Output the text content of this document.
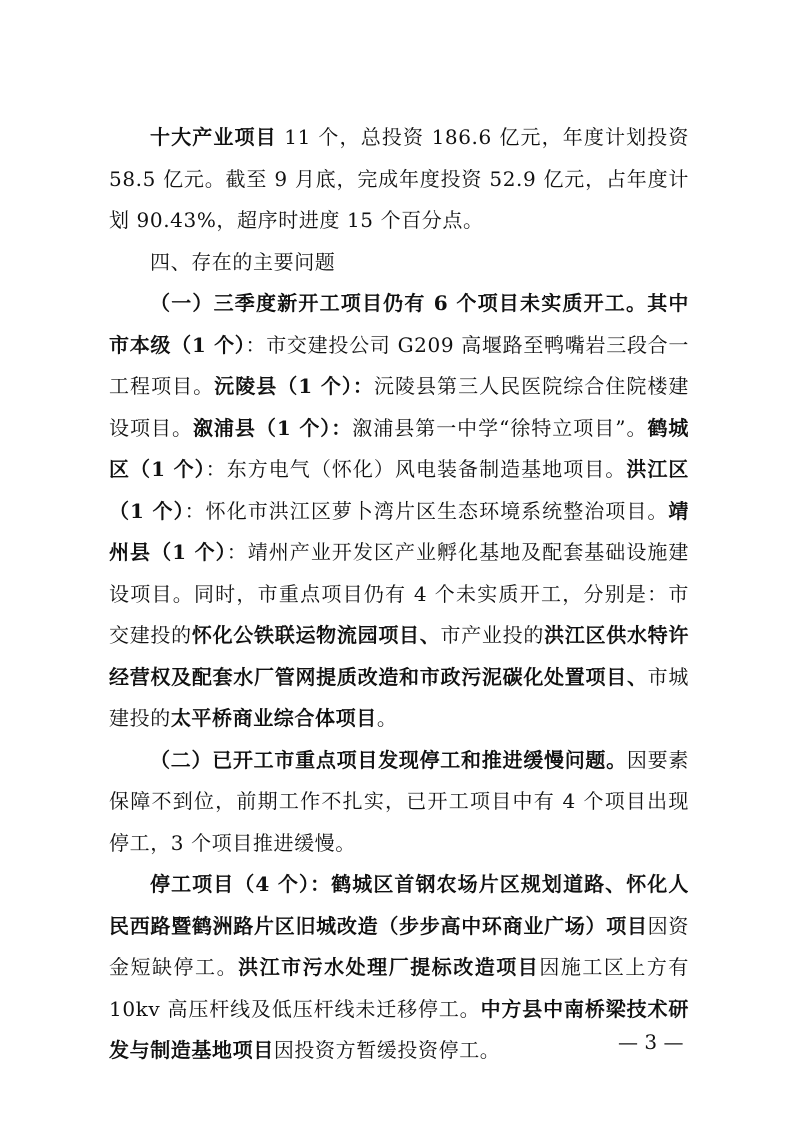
十大产业项目 11 个，总投资 186.6 亿元，年度计划投资 58.5 亿元。截至 9 月底，完成年度投资 52.9 亿元，占年度计划 90.43%，超序时进度 15 个百分点。

四、存在的主要问题

（一）三季度新开工项目仍有 6 个项目未实质开工。其中市本级（1 个）：市交建投公司 G209 高堰路至鸭嘴岩三段合一工程项目。沅陵县（1 个）：沅陵县第三人民医院综合住院楼建设项目。溆浦县（1 个）：溆浦县第一中学“徐特立项目”。鹤城区（1 个）：东方电气（怀化）风电装备制造基地项目。洪江区（1 个）：怀化市洪江区萝卜湾片区生态环境系统整治项目。靖州县（1 个）：靖州产业开发区产业孵化基地及配套基础设施建设项目。同时，市重点项目仍有 4 个未实质开工，分别是：市交建投的怀化公铁联运物流园项目、市产业投的洪江区供水特许经营权及配套水厂管网提质改造和市政污泥碳化处置项目、市城建投的太平桥商业综合体项目。

（二）已开工市重点项目发现停工和推进缓慢问题。因要素保障不到位，前期工作不扎实，已开工项目中有 4 个项目出现停工，3 个项目推进缓慢。

停工项目（4 个）：鹤城区首钢农场片区规划道路、怀化人民西路暨鹤洲路片区旧城改造（步步高中环商业广场）项目因资金短缺停工。洪江市污水处理厂提标改造项目因施工区上方有 10kv 高压杆线及低压杆线未迁移停工。中方县中南桥梁技术研发与制造基地项目因投资方暂缓投资停工。	— 3 —
